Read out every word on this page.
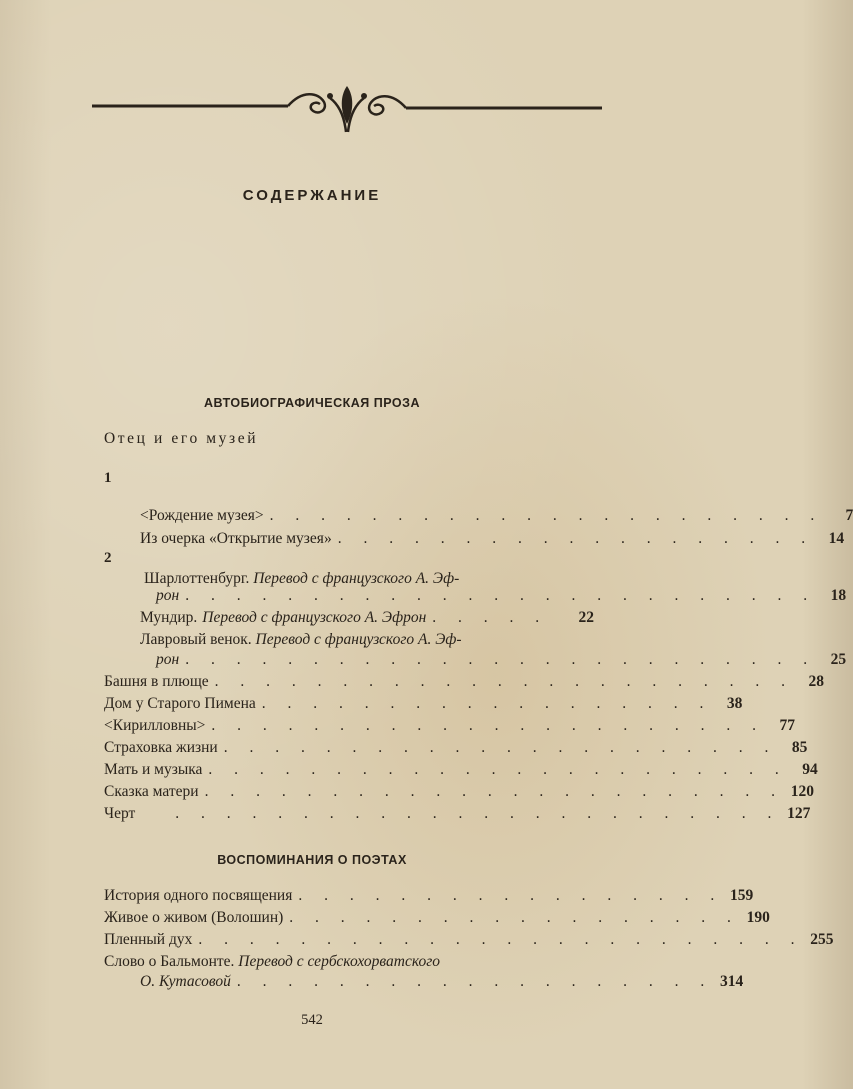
СОДЕРЖАНИЕ
АВТОБИОГРАФИЧЕСКАЯ ПРОЗА
Отец и его музей
1
<Рождение музея> . . . . . . . . . . . . . . . . . . . . . .	7
Из очерка «Открытие музея» . . . . . . . . . . . . . . . . . . . 14
2
Шарлоттенбург. Перевод с французского А. Эф-
рон . . . . . . . . . . . . . . . . . . . . . . . . . 18
Мундир. Перевод с французского А. Эфрон . . . . .	22
Лавровый венок. Перевод с французского А. Эф-
рон . . . . . . . . . . . . . . . . . . . . . . . . . 25
Башня в плюще . . . . . . . . . . . . . . . . . . . . . . . 28
Дом у Старого Пимена . . . . . . . . . . . . . . . . . . 38
<Кирилловны> . . . . . . . . . . . . . . . . . . . . . . 77
Страховка жизни . . . . . . . . . . . . . . . . . . . . . . 85
Мать и музыка . . . . . . . . . . . . . . . . . . . . . . . 94
Сказка матери . . . . . . . . . . . . . . . . . . . . . . . 120
Черт	. . . . . . . . . . . . . . . . . . . . . . . . 127
ВОСПОМИНАНИЯ О ПОЭТАХ
История одного посвящения . . . . . . . . . . . . . . . . . 159
Живое о живом (Волошин) . . . . . . . . . . . . . . . . . . 190
Пленный дух . . . . . . . . . . . . . . . . . . . . . . . . 255
Слово о Бальмонте. Перевод с сербскохорватского
О. Кутасовой . . . . . . . . . . . . . . . . . . . 314
542
